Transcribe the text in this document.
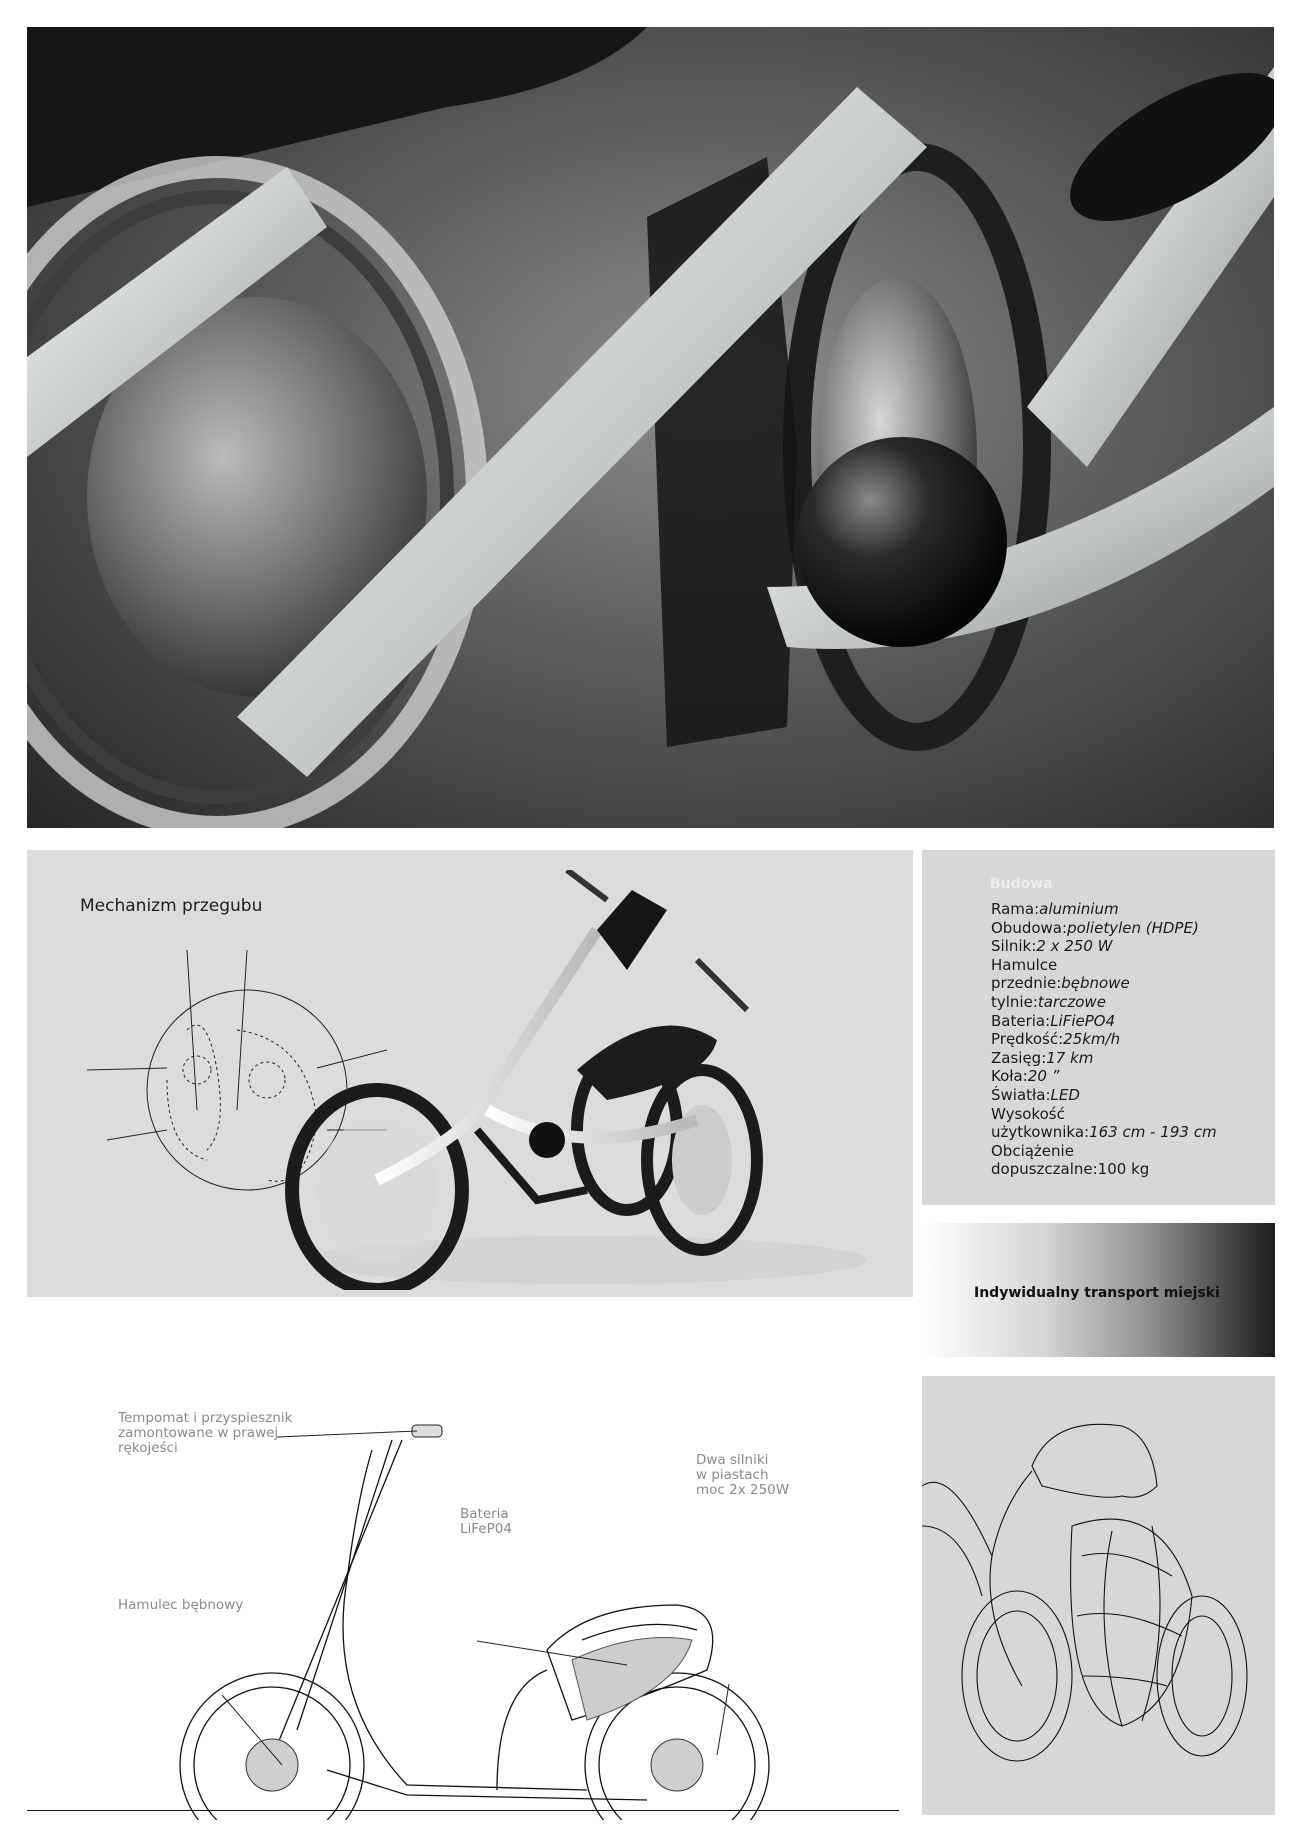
Mechanizm przegubu
Budowa
Rama:aluminium
Obudowa:polietylen (HDPE)
Silnik:2 x 250 W
Hamulce
przednie:bębnowe
tylnie:tarczowe
Bateria:LiFiePO4
Prędkość:25km/h
Zasięg:17 km
Koła:20 ”
Światła:LED
Wysokość
użytkownika:163 cm - 193 cm
Obciążenie
dopuszczalne:100 kg

Indywidualny transport miejski

Tempomat i przyspiesznik
zamontowane w prawej
rękojeści

Dwa silniki
w piastach
moc 2x 250W

Bateria
LiFeP04

Hamulec bębnowy
